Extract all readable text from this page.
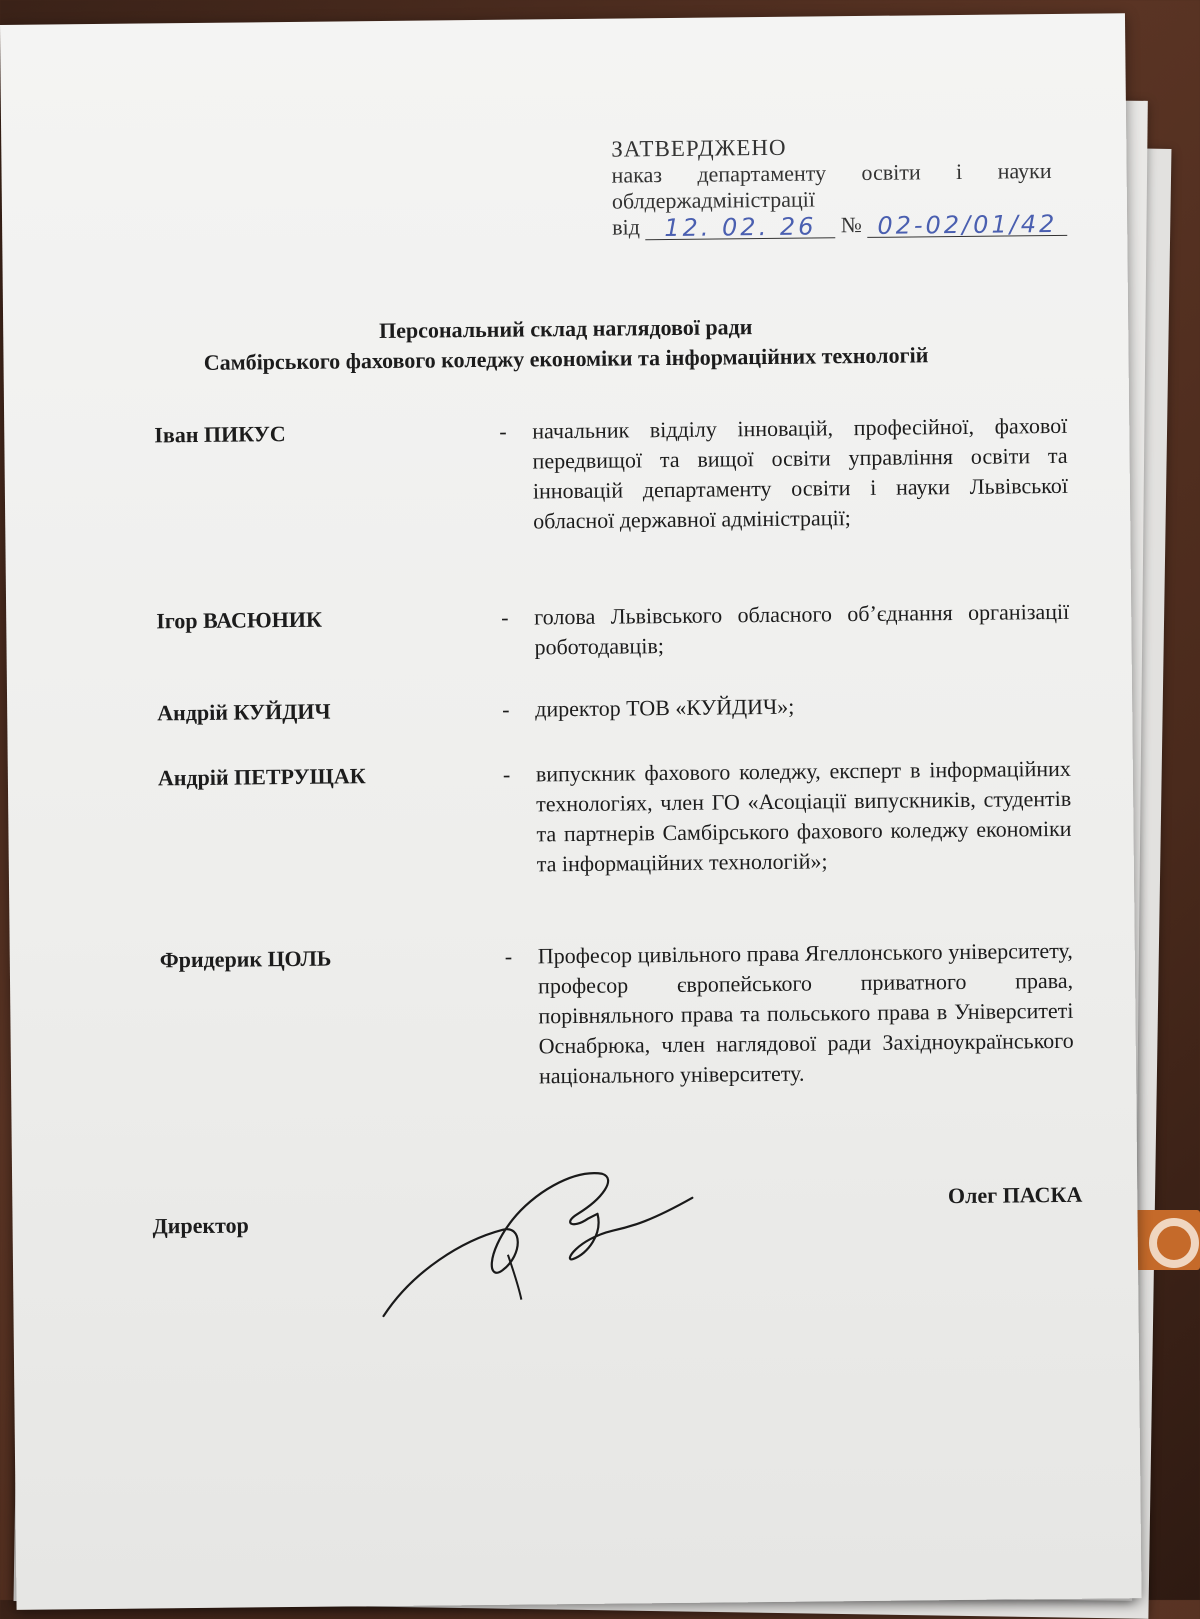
ЗАТВЕРДЖЕНО
наказ департаменту освіти і науки
облдержадміністрації
від 12. 02. 26 № 02-02/01/42
Персональний склад наглядової ради
Самбірського фахового коледжу економіки та інформаційних технологій
Іван ПИКУС	- начальник відділу інновацій, професійної, фахової передвищої та вищої освіти управління освіти та інновацій департаменту освіти і науки Львівської обласної державної адміністрації;
Ігор ВАСЮНИК	- голова Львівського обласного об’єднання організації роботодавців;
Андрій КУЙДИЧ	- директор ТОВ «КУЙДИЧ»;
Андрій ПЕТРУЩАК	- випускник фахового коледжу, експерт в інформаційних технологіях, член ГО «Асоціації випускників, студентів та партнерів Самбірського фахового коледжу економіки та інформаційних технологій»;
Фридерик ЦОЛЬ	- Професор цивільного права Ягеллонського університету, професор європейського приватного права, порівняльного права та польського права в Університеті Оснабрюка, член наглядової ради Західноукраїнського національного університету.
Директор
Олег ПАСКА
